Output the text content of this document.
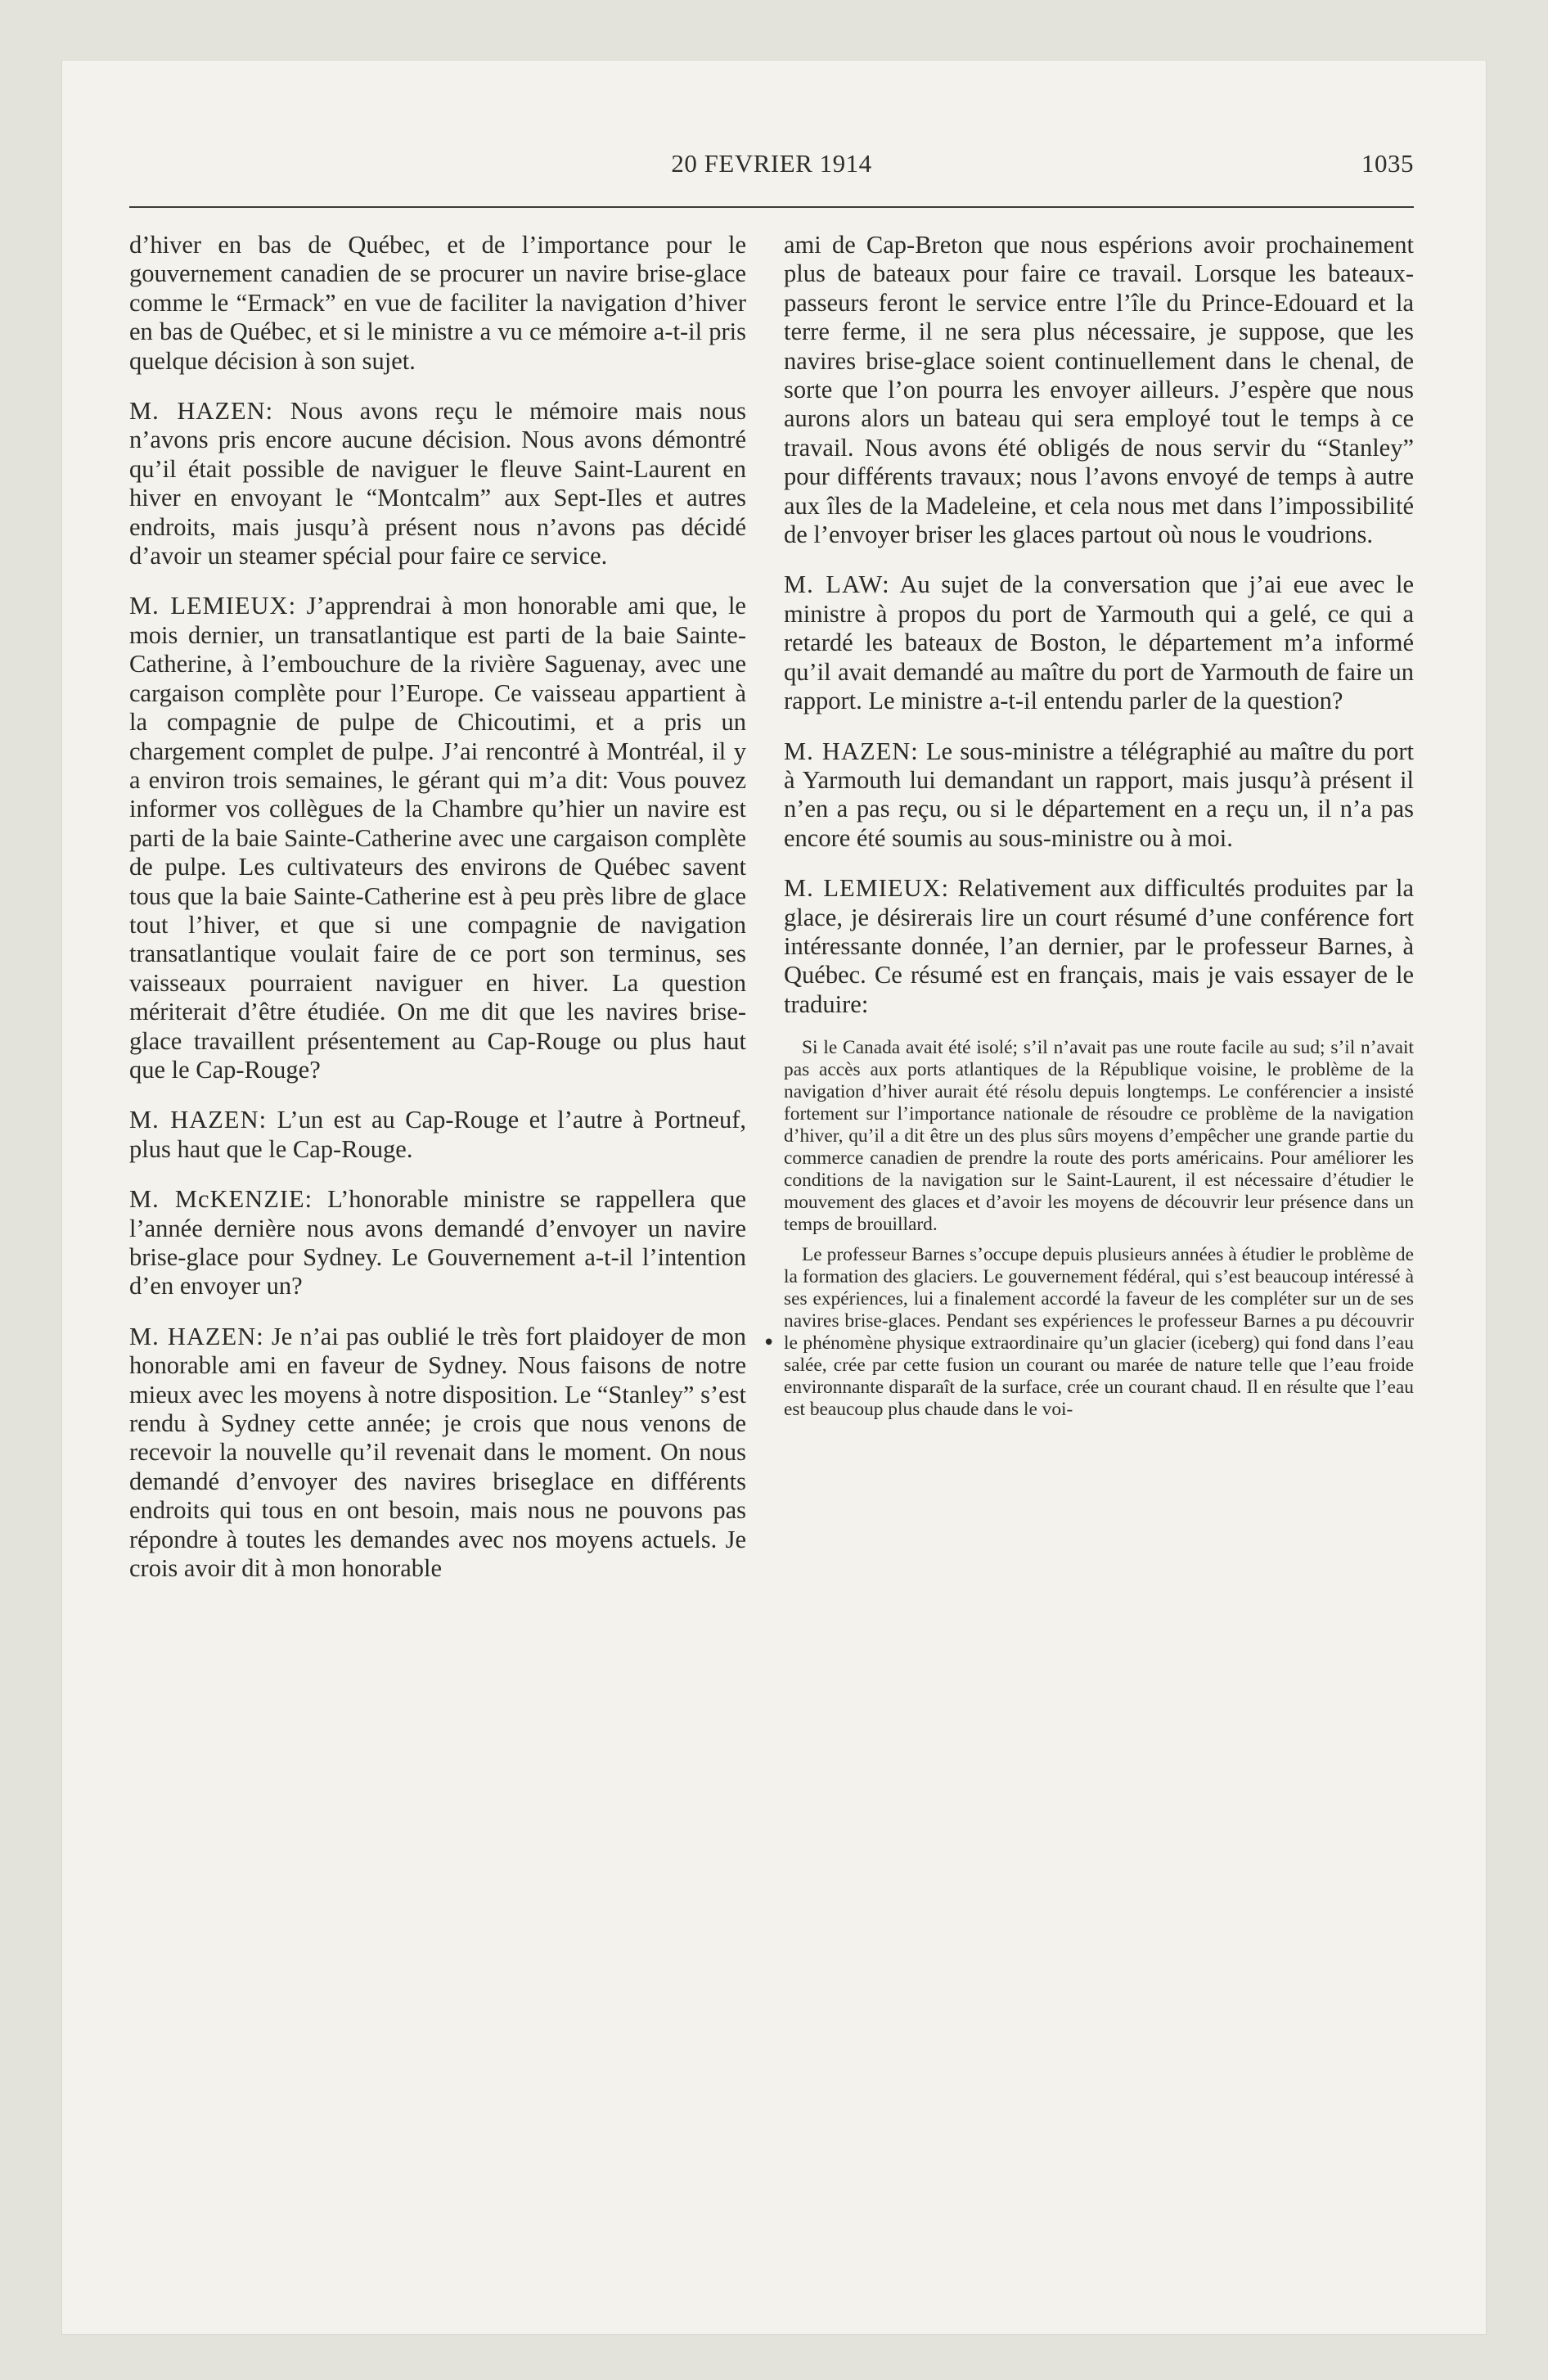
20 FEVRIER 1914	1035

d’hiver en bas de Québec, et de l’importance pour le gouvernement canadien de se procurer un navire brise-glace comme le “Ermack” en vue de faciliter la navigation d’hiver en bas de Québec, et si le ministre a vu ce mémoire a-t-il pris quelque décision à son sujet.

M. HAZEN: Nous avons reçu le mémoire mais nous n’avons pris encore aucune décision. Nous avons démontré qu’il était possible de naviguer le fleuve Saint-Laurent en hiver en envoyant le “Montcalm” aux Sept-Iles et autres endroits, mais jusqu’à présent nous n’avons pas décidé d’avoir un steamer spécial pour faire ce service.

M. LEMIEUX: J’apprendrai à mon honorable ami que, le mois dernier, un transatlantique est parti de la baie Sainte-Catherine, à l’embouchure de la rivière Saguenay, avec une cargaison complète pour l’Europe. Ce vaisseau appartient à la compagnie de pulpe de Chicoutimi, et a pris un chargement complet de pulpe. J’ai rencontré à Montréal, il y a environ trois semaines, le gérant qui m’a dit: Vous pouvez informer vos collègues de la Chambre qu’hier un navire est parti de la baie Sainte-Catherine avec une cargaison complète de pulpe. Les cultivateurs des environs de Québec savent tous que la baie Sainte-Catherine est à peu près libre de glace tout l’hiver, et que si une compagnie de navigation transatlantique voulait faire de ce port son terminus, ses vaisseaux pourraient naviguer en hiver. La question mériterait d’être étudiée. On me dit que les navires brise-glace travaillent présentement au Cap-Rouge ou plus haut que le Cap-Rouge?

M. HAZEN: L’un est au Cap-Rouge et l’autre à Portneuf, plus haut que le Cap-Rouge.

M. McKENZIE: L’honorable ministre se rappellera que l’année dernière nous avons demandé d’envoyer un navire brise-glace pour Sydney. Le Gouvernement a-t-il l’intention d’en envoyer un?

M. HAZEN: Je n’ai pas oublié le très fort plaidoyer de mon honorable ami en faveur de Sydney. Nous faisons de notre mieux avec les moyens à notre disposition. Le “Stanley” s’est rendu à Sydney cette année; je crois que nous venons de recevoir la nouvelle qu’il revenait dans le moment. On nous demandé d’envoyer des navires briseglace en différents endroits qui tous en ont besoin, mais nous ne pouvons pas répondre à toutes les demandes avec nos moyens actuels. Je crois avoir dit à mon honorable

•

ami de Cap-Breton que nous espérions avoir prochainement plus de bateaux pour faire ce travail. Lorsque les bateaux-passeurs feront le service entre l’île du Prince-Edouard et la terre ferme, il ne sera plus nécessaire, je suppose, que les navires brise-glace soient continuellement dans le chenal, de sorte que l’on pourra les envoyer ailleurs. J’espère que nous aurons alors un bateau qui sera employé tout le temps à ce travail. Nous avons été obligés de nous servir du “Stanley” pour différents travaux; nous l’avons envoyé de temps à autre aux îles de la Madeleine, et cela nous met dans l’impossibilité de l’envoyer briser les glaces partout où nous le voudrions.

M. LAW: Au sujet de la conversation que j’ai eue avec le ministre à propos du port de Yarmouth qui a gelé, ce qui a retardé les bateaux de Boston, le département m’a informé qu’il avait demandé au maître du port de Yarmouth de faire un rapport. Le ministre a-t-il entendu parler de la question?

M. HAZEN: Le sous-ministre a télégraphié au maître du port à Yarmouth lui demandant un rapport, mais jusqu’à présent il n’en a pas reçu, ou si le département en a reçu un, il n’a pas encore été soumis au sous-ministre ou à moi.

M. LEMIEUX: Relativement aux difficultés produites par la glace, je désirerais lire un court résumé d’une conférence fort intéressante donnée, l’an dernier, par le professeur Barnes, à Québec. Ce résumé est en français, mais je vais essayer de le traduire:

Si le Canada avait été isolé; s’il n’avait pas une route facile au sud; s’il n’avait pas accès aux ports atlantiques de la République voisine, le problème de la navigation d’hiver aurait été résolu depuis longtemps. Le conférencier a insisté fortement sur l’importance nationale de résoudre ce problème de la navigation d’hiver, qu’il a dit être un des plus sûrs moyens d’empêcher une grande partie du commerce canadien de prendre la route des ports américains. Pour améliorer les conditions de la navigation sur le Saint-Laurent, il est nécessaire d’étudier le mouvement des glaces et d’avoir les moyens de découvrir leur présence dans un temps de brouillard.

Le professeur Barnes s’occupe depuis plusieurs années à étudier le problème de la formation des glaciers. Le gouvernement fédéral, qui s’est beaucoup intéressé à ses expériences, lui a finalement accordé la faveur de les compléter sur un de ses navires brise-glaces. Pendant ses expériences le professeur Barnes a pu découvrir le phénomène physique extraordinaire qu’un glacier (iceberg) qui fond dans l’eau salée, crée par cette fusion un courant ou marée de nature telle que l’eau froide environnante disparaît de la surface, crée un courant chaud. Il en résulte que l’eau est beaucoup plus chaude dans le voi-
